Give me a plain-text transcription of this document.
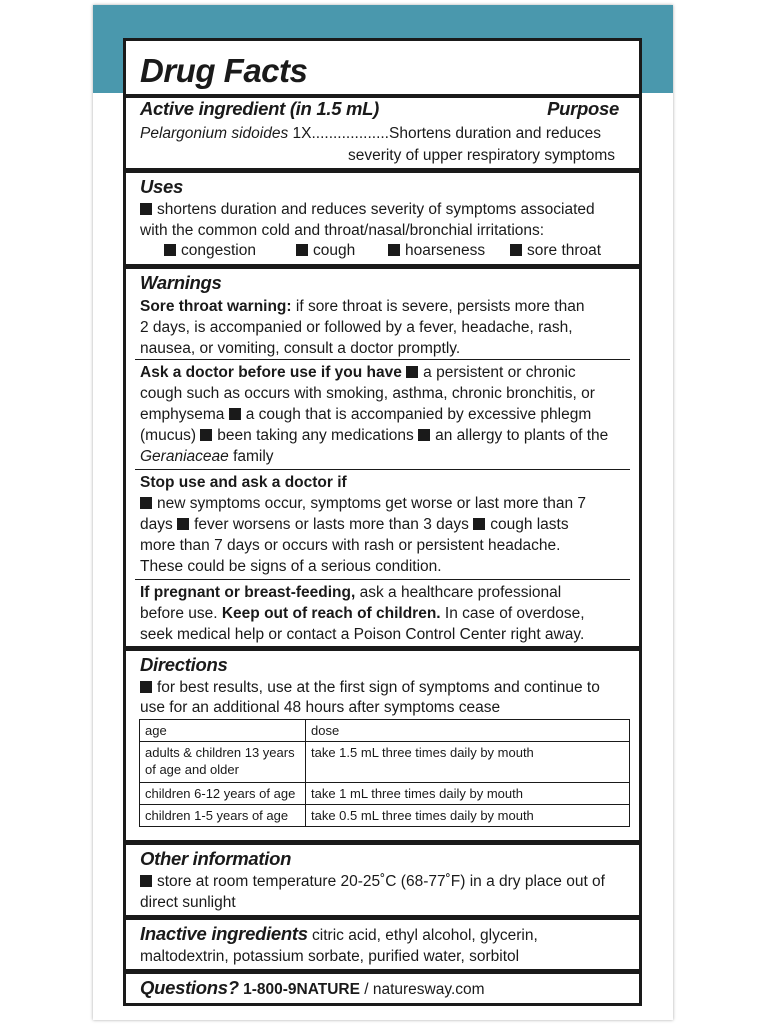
Drug Facts
Active ingredient (in 1.5 mL)	Purpose
Pelargonium sidoides 1X..................Shortens duration and reduces
severity of upper respiratory symptoms
Uses
shortens duration and reduces severity of symptoms associated
with the common cold and throat/nasal/bronchial irritations:
congestion	cough	hoarseness	sore throat
Warnings
Sore throat warning: if sore throat is severe, persists more than
2 days, is accompanied or followed by a fever, headache, rash,
nausea, or vomiting, consult a doctor promptly.
Ask a doctor before use if you have a persistent or chronic
cough such as occurs with smoking, asthma, chronic bronchitis, or
emphysema a cough that is accompanied by excessive phlegm
(mucus) been taking any medications an allergy to plants of the
Geraniaceae family
Stop use and ask a doctor if
new symptoms occur, symptoms get worse or last more than 7
days fever worsens or lasts more than 3 days cough lasts
more than 7 days or occurs with rash or persistent headache.
These could be signs of a serious condition.
If pregnant or breast-feeding, ask a healthcare professional
before use. Keep out of reach of children. In case of overdose,
seek medical help or contact a Poison Control Center right away.
Directions
for best results, use at the first sign of symptoms and continue to
use for an additional 48 hours after symptoms cease
age	dose
adults & children 13 years of age and older	take 1.5 mL three times daily by mouth
children 6-12 years of age	take 1 mL three times daily by mouth
children 1-5 years of age	take 0.5 mL three times daily by mouth
Other information
store at room temperature 20-25˚C (68-77˚F) in a dry place out of
direct sunlight
Inactive ingredients citric acid, ethyl alcohol, glycerin,
maltodextrin, potassium sorbate, purified water, sorbitol
Questions? 1-800-9NATURE / naturesway.com
